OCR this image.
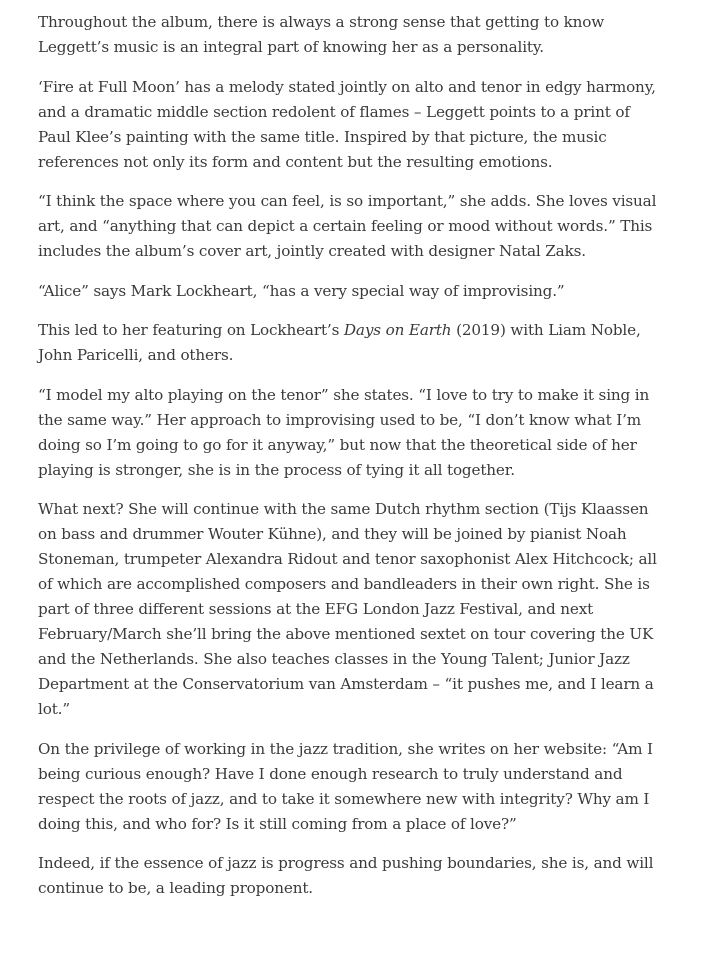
Throughout the album, there is always a strong sense that getting to know Leggett’s music is an integral part of knowing her as a personality.

‘Fire at Full Moon’ has a melody stated jointly on alto and tenor in edgy harmony, and a dramatic middle section redolent of flames – Leggett points to a print of Paul Klee’s painting with the same title. Inspired by that picture, the music references not only its form and content but the resulting emotions.

“I think the space where you can feel, is so important,” she adds. She loves visual art, and “anything that can depict a certain feeling or mood without words.” This includes the album’s cover art, jointly created with designer Natal Zaks.

“Alice” says Mark Lockheart, “has a very special way of improvising.”

This led to her featuring on Lockheart’s Days on Earth (2019) with Liam Noble, John Paricelli, and others.

“I model my alto playing on the tenor” she states. “I love to try to make it sing in the same way.” Her approach to improvising used to be, “I don’t know what I’m doing so I’m going to go for it anyway,” but now that the theoretical side of her playing is stronger, she is in the process of tying it all together.

What next? She will continue with the same Dutch rhythm section (Tijs Klaassen on bass and drummer Wouter Kühne), and they will be joined by pianist Noah Stoneman, trumpeter Alexandra Ridout and tenor saxophonist Alex Hitchcock; all of which are accomplished composers and bandleaders in their own right. She is part of three different sessions at the EFG London Jazz Festival, and next February/March she’ll bring the above mentioned sextet on tour covering the UK and the Netherlands. She also teaches classes in the Young Talent; Junior Jazz Department at the Conservatorium van Amsterdam – “it pushes me, and I learn a lot.”

On the privilege of working in the jazz tradition, she writes on her website: “Am I being curious enough? Have I done enough research to truly understand and respect the roots of jazz, and to take it somewhere new with integrity? Why am I doing this, and who for? Is it still coming from a place of love?”

Indeed, if the essence of jazz is progress and pushing boundaries, she is, and will continue to be, a leading proponent.
